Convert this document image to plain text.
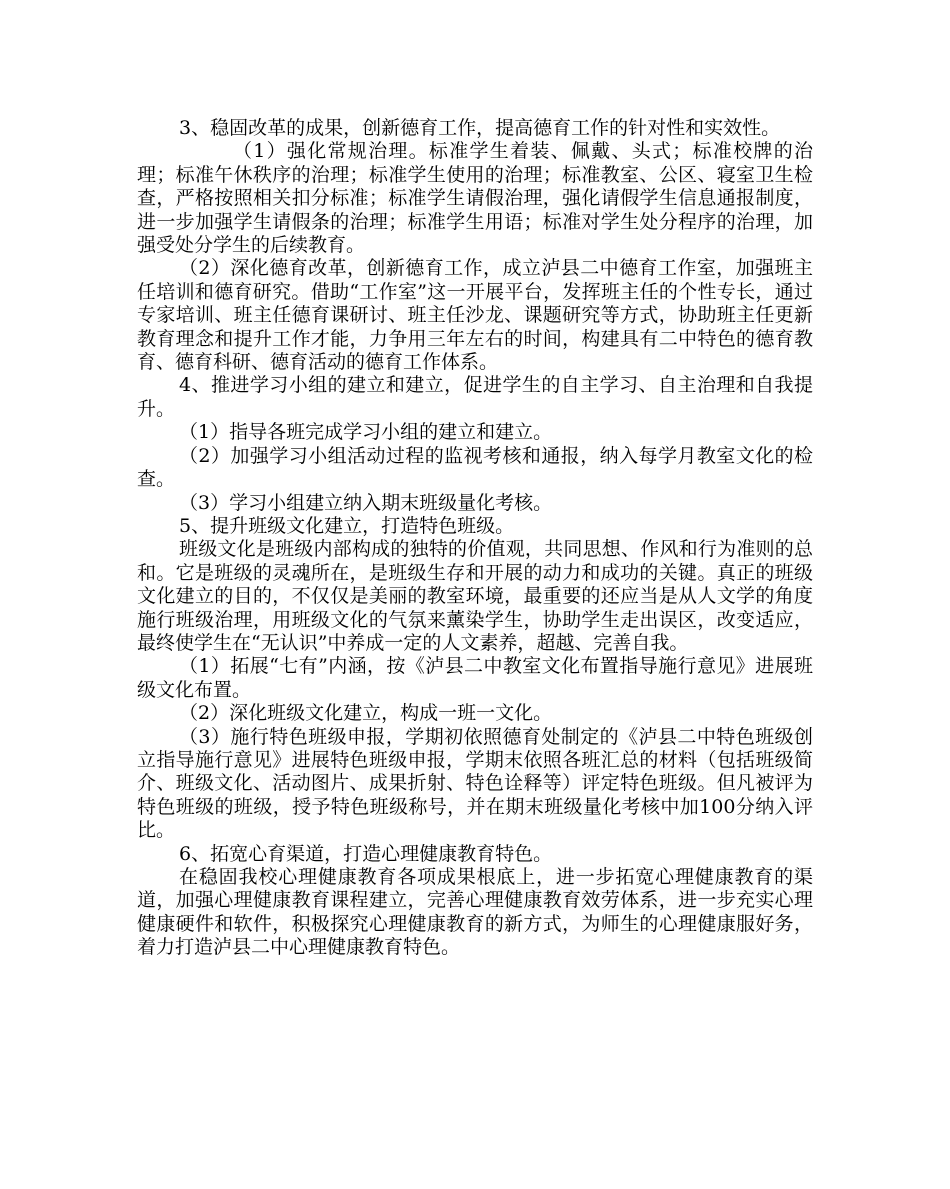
3、稳固改革的成果，创新德育工作，提高德育工作的针对性和实效性。

（1）强化常规治理。标准学生着装、佩戴、头式；标准校牌的治理；标准午休秩序的治理；标准学生使用的治理；标准教室、公区、寝室卫生检查，严格按照相关扣分标准；标准学生请假治理，强化请假学生信息通报制度，进一步加强学生请假条的治理；标准学生用语；标准对学生处分程序的治理，加强受处分学生的后续教育。

（2）深化德育改革，创新德育工作，成立泸县二中德育工作室，加强班主任培训和德育研究。借助“工作室”这一开展平台，发挥班主任的个性专长，通过专家培训、班主任德育课研讨、班主任沙龙、课题研究等方式，协助班主任更新教育理念和提升工作才能，力争用三年左右的时间，构建具有二中特色的德育教育、德育科研、德育活动的德育工作体系。

4、推进学习小组的建立和建立，促进学生的自主学习、自主治理和自我提升。

（1）指导各班完成学习小组的建立和建立。

（2）加强学习小组活动过程的监视考核和通报，纳入每学月教室文化的检查。

（3）学习小组建立纳入期末班级量化考核。

5、提升班级文化建立，打造特色班级。

班级文化是班级内部构成的独特的价值观，共同思想、作风和行为准则的总和。它是班级的灵魂所在，是班级生存和开展的动力和成功的关键。真正的班级文化建立的目的，不仅仅是美丽的教室环境，最重要的还应当是从人文学的角度施行班级治理，用班级文化的气氛来薰染学生，协助学生走出误区，改变适应，最终使学生在“无认识”中养成一定的人文素养，超越、完善自我。

（1）拓展“七有”内涵，按《泸县二中教室文化布置指导施行意见》进展班级文化布置。

（2）深化班级文化建立，构成一班一文化。

（3）施行特色班级申报，学期初依照德育处制定的《泸县二中特色班级创立指导施行意见》进展特色班级申报，学期末依照各班汇总的材料（包括班级简介、班级文化、活动图片、成果折射、特色诠释等）评定特色班级。但凡被评为特色班级的班级，授予特色班级称号，并在期末班级量化考核中加100分纳入评比。

6、拓宽心育渠道，打造心理健康教育特色。

在稳固我校心理健康教育各项成果根底上，进一步拓宽心理健康教育的渠道，加强心理健康教育课程建立，完善心理健康教育效劳体系，进一步充实心理健康硬件和软件，积极探究心理健康教育的新方式，为师生的心理健康服好务，着力打造泸县二中心理健康教育特色。
